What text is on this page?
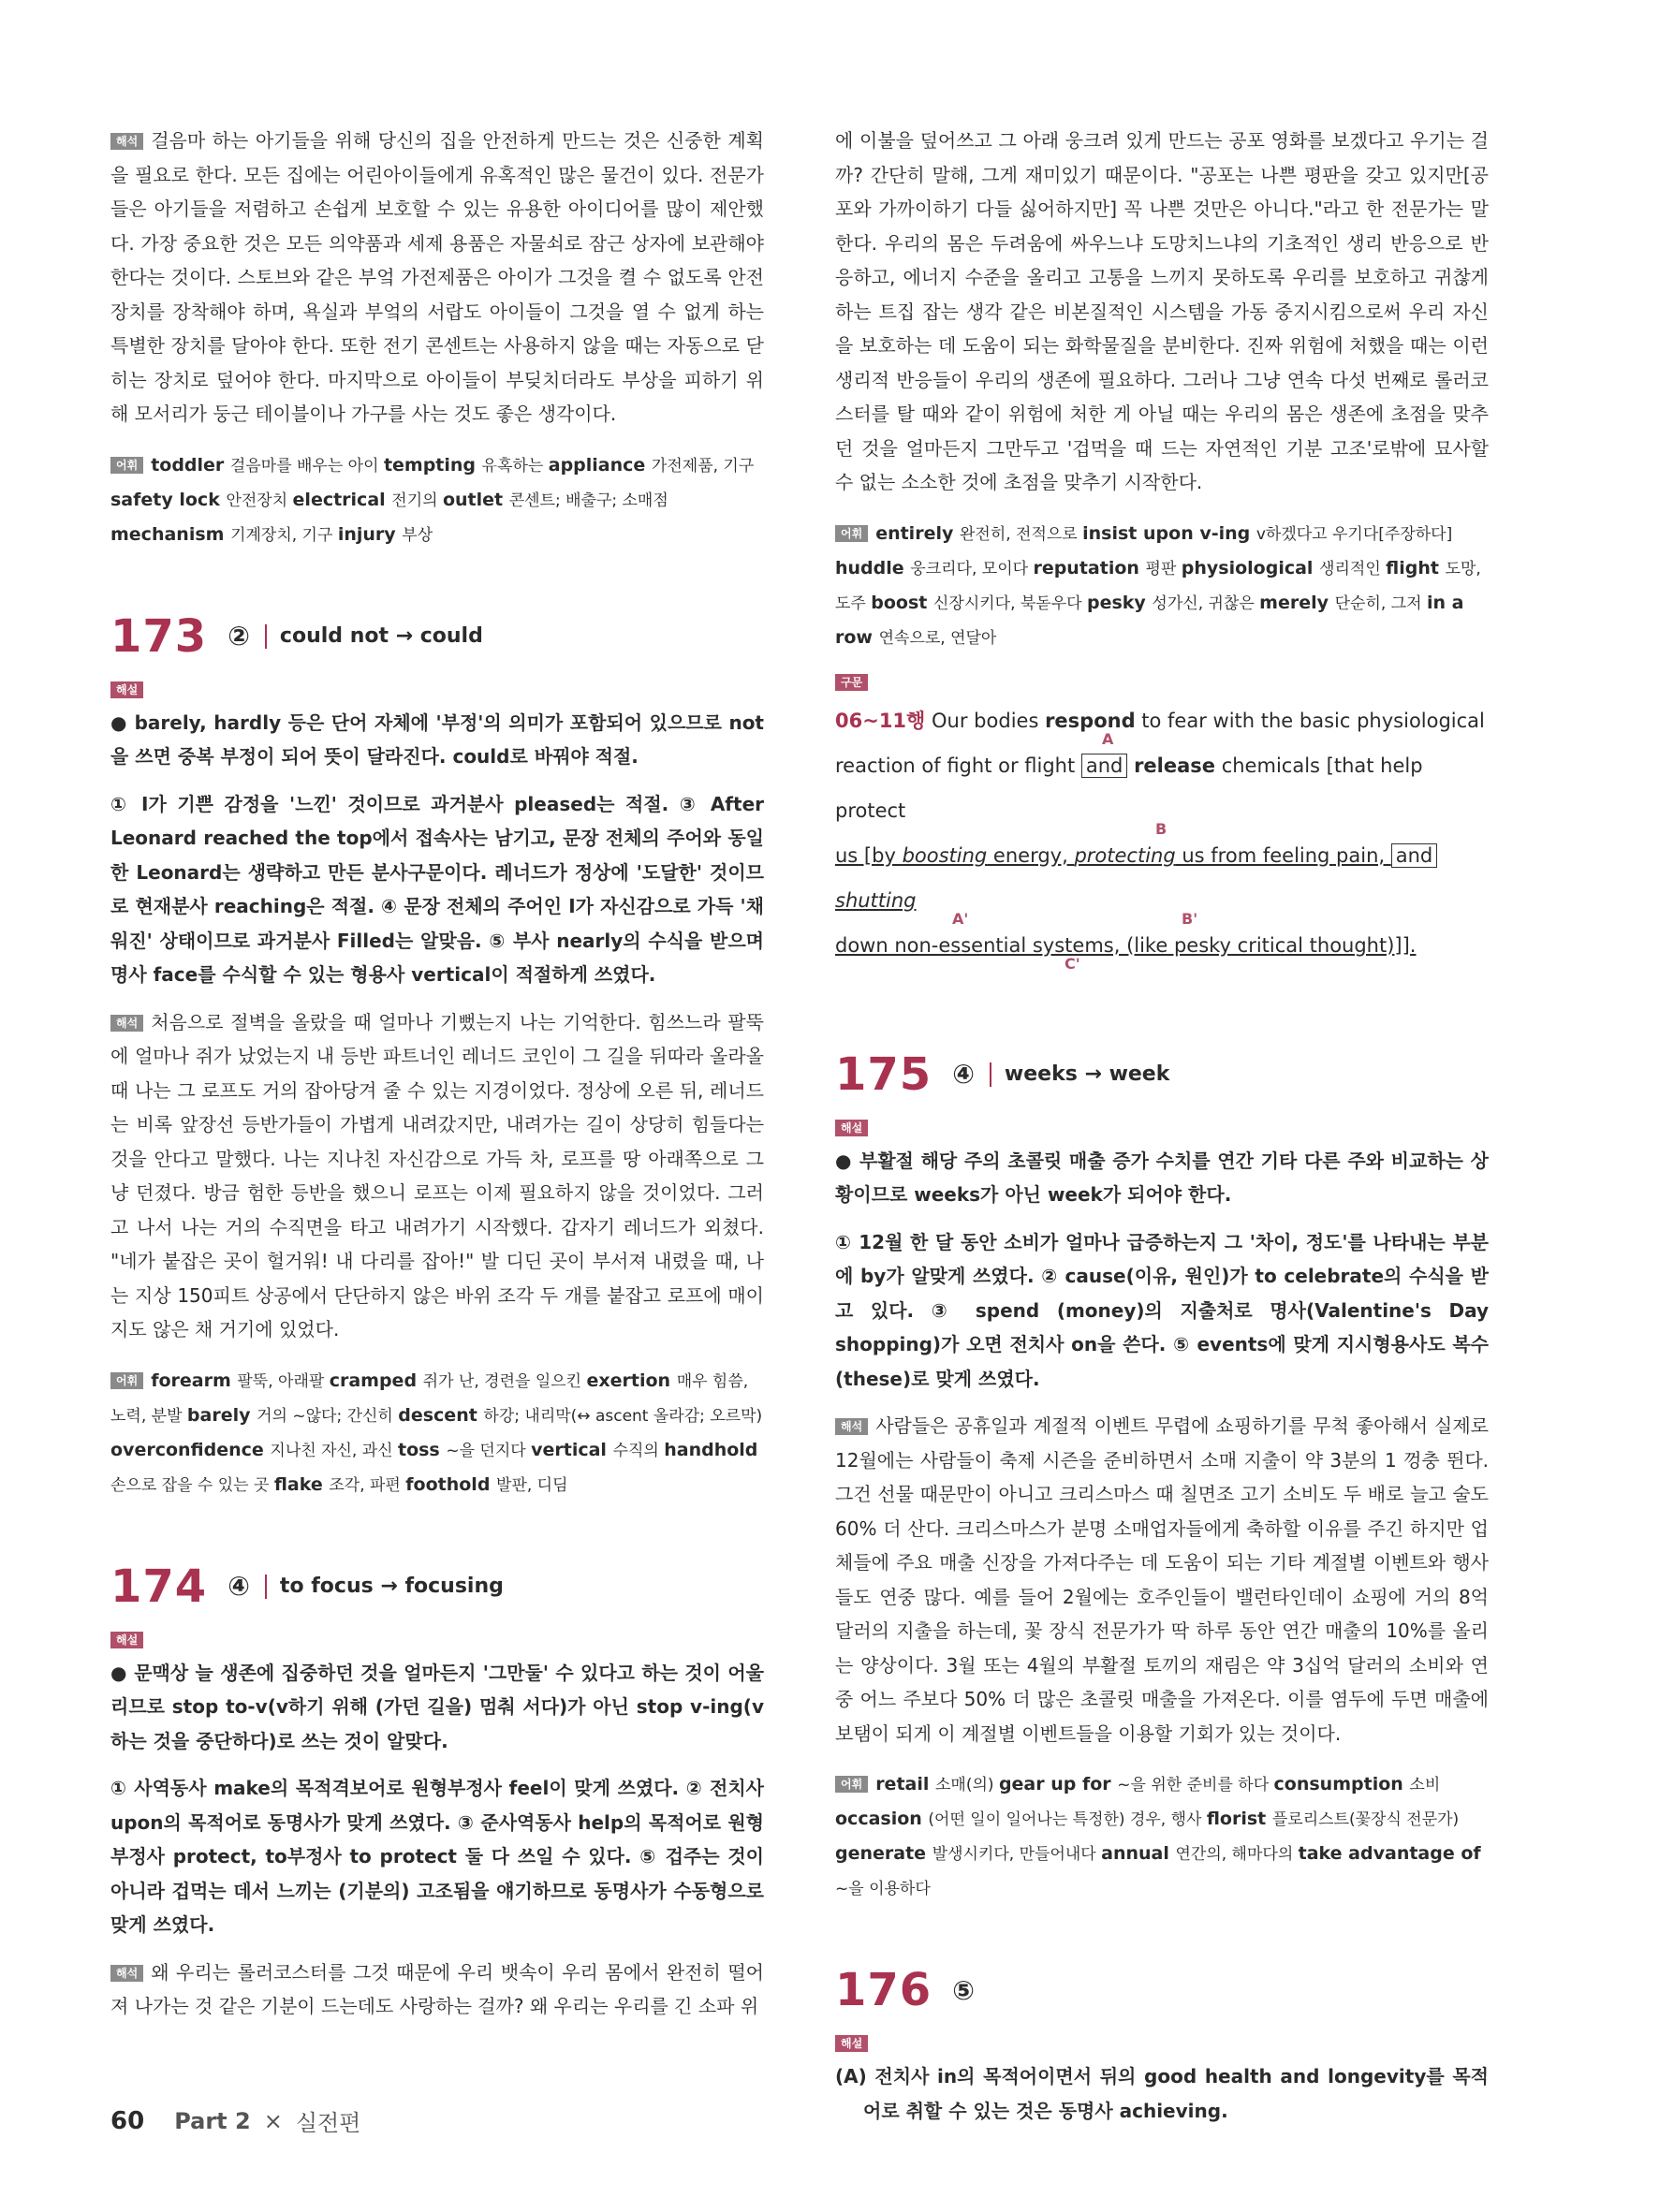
해석 걸음마 하는 아기들을 위해 당신의 집을 안전하게 만드는 것은 신중한 계획을 필요로 한다. 모든 집에는 어린아이들에게 유혹적인 많은 물건이 있다. 전문가들은 아기들을 저렴하고 손쉽게 보호할 수 있는 유용한 아이디어를 많이 제안했다. 가장 중요한 것은 모든 의약품과 세제 용품은 자물쇠로 잠근 상자에 보관해야 한다는 것이다. 스토브와 같은 부엌 가전제품은 아이가 그것을 켤 수 없도록 안전장치를 장착해야 하며, 욕실과 부엌의 서랍도 아이들이 그것을 열 수 없게 하는 특별한 장치를 달아야 한다. 또한 전기 콘센트는 사용하지 않을 때는 자동으로 닫히는 장치로 덮어야 한다. 마지막으로 아이들이 부딪치더라도 부상을 피하기 위해 모서리가 둥근 테이블이나 가구를 사는 것도 좋은 생각이다.

어휘 toddler 걸음마를 배우는 아이 tempting 유혹하는 appliance 가전제품, 기구 safety lock 안전장치 electrical 전기의 outlet 콘센트; 배출구; 소매점 mechanism 기계장치, 기구 injury 부상

173 ② could not → could
해설

● barely, hardly 등은 단어 자체에 '부정'의 의미가 포함되어 있으므로 not을 쓰면 중복 부정이 되어 뜻이 달라진다. could로 바꿔야 적절.

① I가 기쁜 감정을 '느낀' 것이므로 과거분사 pleased는 적절. ③ After Leonard reached the top에서 접속사는 남기고, 문장 전체의 주어와 동일한 Leonard는 생략하고 만든 분사구문이다. 레너드가 정상에 '도달한' 것이므로 현재분사 reaching은 적절. ④ 문장 전체의 주어인 I가 자신감으로 가득 '채워진' 상태이므로 과거분사 Filled는 알맞음. ⑤ 부사 nearly의 수식을 받으며 명사 face를 수식할 수 있는 형용사 vertical이 적절하게 쓰였다.

해석 처음으로 절벽을 올랐을 때 얼마나 기뻤는지 나는 기억한다. 힘쓰느라 팔뚝에 얼마나 쥐가 났었는지 내 등반 파트너인 레너드 코인이 그 길을 뒤따라 올라올 때 나는 그 로프도 거의 잡아당겨 줄 수 있는 지경이었다. 정상에 오른 뒤, 레너드는 비록 앞장선 등반가들이 가볍게 내려갔지만, 내려가는 길이 상당히 힘들다는 것을 안다고 말했다. 나는 지나친 자신감으로 가득 차, 로프를 땅 아래쪽으로 그냥 던졌다. 방금 험한 등반을 했으니 로프는 이제 필요하지 않을 것이었다. 그러고 나서 나는 거의 수직면을 타고 내려가기 시작했다. 갑자기 레너드가 외쳤다. "네가 붙잡은 곳이 헐거워! 내 다리를 잡아!" 발 디딘 곳이 부서져 내렸을 때, 나는 지상 150피트 상공에서 단단하지 않은 바위 조각 두 개를 붙잡고 로프에 매이지도 않은 채 거기에 있었다.

어휘 forearm 팔뚝, 아래팔 cramped 쥐가 난, 경련을 일으킨 exertion 매우 힘씀, 노력, 분발 barely 거의 ~않다; 간신히 descent 하강; 내리막(↔ ascent 올라감; 오르막) overconfidence 지나친 자신, 과신 toss ~을 던지다 vertical 수직의 handhold 손으로 잡을 수 있는 곳 flake 조각, 파편 foothold 발판, 디딤

174 ④ to focus → focusing
해설

● 문맥상 늘 생존에 집중하던 것을 얼마든지 '그만둘' 수 있다고 하는 것이 어울리므로 stop to-v(v하기 위해 (가던 길을) 멈춰 서다)가 아닌 stop v-ing(v하는 것을 중단하다)로 쓰는 것이 알맞다.

① 사역동사 make의 목적격보어로 원형부정사 feel이 맞게 쓰였다. ② 전치사 upon의 목적어로 동명사가 맞게 쓰였다. ③ 준사역동사 help의 목적어로 원형부정사 protect, to부정사 to protect 둘 다 쓰일 수 있다. ⑤ 겁주는 것이 아니라 겁먹는 데서 느끼는 (기분의) 고조됨을 얘기하므로 동명사가 수동형으로 맞게 쓰였다.

해석 왜 우리는 롤러코스터를 그것 때문에 우리 뱃속이 우리 몸에서 완전히 떨어져 나가는 것 같은 기분이 드는데도 사랑하는 걸까? 왜 우리는 우리를 긴 소파 위

에 이불을 덮어쓰고 그 아래 웅크려 있게 만드는 공포 영화를 보겠다고 우기는 걸까? 간단히 말해, 그게 재미있기 때문이다. "공포는 나쁜 평판을 갖고 있지만[공포와 가까이하기 다들 싫어하지만] 꼭 나쁜 것만은 아니다."라고 한 전문가는 말한다. 우리의 몸은 두려움에 싸우느냐 도망치느냐의 기초적인 생리 반응으로 반응하고, 에너지 수준을 올리고 고통을 느끼지 못하도록 우리를 보호하고 귀찮게 하는 트집 잡는 생각 같은 비본질적인 시스템을 가동 중지시킴으로써 우리 자신을 보호하는 데 도움이 되는 화학물질을 분비한다. 진짜 위험에 처했을 때는 이런 생리적 반응들이 우리의 생존에 필요하다. 그러나 그냥 연속 다섯 번째로 롤러코스터를 탈 때와 같이 위험에 처한 게 아닐 때는 우리의 몸은 생존에 초점을 맞추던 것을 얼마든지 그만두고 '겁먹을 때 드는 자연적인 기분 고조'로밖에 묘사할 수 없는 소소한 것에 초점을 맞추기 시작한다.

어휘 entirely 완전히, 전적으로 insist upon v-ing v하겠다고 우기다[주장하다] huddle 웅크리다, 모이다 reputation 평판 physiological 생리적인 flight 도망, 도주 boost 신장시키다, 북돋우다 pesky 성가신, 귀찮은 merely 단순히, 그저 in a row 연속으로, 연달아

구문
06~11행 Our bodies respond to fear with the basic physiological
A
reaction of fight or flight and release chemicals [that help protect
B
us [by boosting energy, protecting us from feeling pain, and shutting
A'	B'
down non-essential systems, (like pesky critical thought)]].
C'
175 ④ weeks → week
해설

● 부활절 해당 주의 초콜릿 매출 증가 수치를 연간 기타 다른 주와 비교하는 상황이므로 weeks가 아닌 week가 되어야 한다.

① 12월 한 달 동안 소비가 얼마나 급증하는지 그 '차이, 정도'를 나타내는 부분에 by가 알맞게 쓰였다. ② cause(이유, 원인)가 to celebrate의 수식을 받고 있다. ③ spend (money)의 지출처로 명사(Valentine's Day shopping)가 오면 전치사 on을 쓴다. ⑤ events에 맞게 지시형용사도 복수(these)로 맞게 쓰였다.

해석 사람들은 공휴일과 계절적 이벤트 무렵에 쇼핑하기를 무척 좋아해서 실제로 12월에는 사람들이 축제 시즌을 준비하면서 소매 지출이 약 3분의 1 껑충 뛴다. 그건 선물 때문만이 아니고 크리스마스 때 칠면조 고기 소비도 두 배로 늘고 술도 60% 더 산다. 크리스마스가 분명 소매업자들에게 축하할 이유를 주긴 하지만 업체들에 주요 매출 신장을 가져다주는 데 도움이 되는 기타 계절별 이벤트와 행사들도 연중 많다. 예를 들어 2월에는 호주인들이 밸런타인데이 쇼핑에 거의 8억 달러의 지출을 하는데, 꽃 장식 전문가가 딱 하루 동안 연간 매출의 10%를 올리는 양상이다. 3월 또는 4월의 부활절 토끼의 재림은 약 3십억 달러의 소비와 연중 어느 주보다 50% 더 많은 초콜릿 매출을 가져온다. 이를 염두에 두면 매출에 보탬이 되게 이 계절별 이벤트들을 이용할 기회가 있는 것이다.

어휘 retail 소매(의) gear up for ~을 위한 준비를 하다 consumption 소비 occasion (어떤 일이 일어나는 특정한) 경우, 행사 florist 플로리스트(꽃장식 전문가) generate 발생시키다, 만들어내다 annual 연간의, 해마다의 take advantage of ~을 이용하다

176 ⑤
해설

(A) 전치사 in의 목적어이면서 뒤의 good health and longevity를 목적어로 취할 수 있는 것은 동명사 achieving.

60 Part 2 × 실전편
